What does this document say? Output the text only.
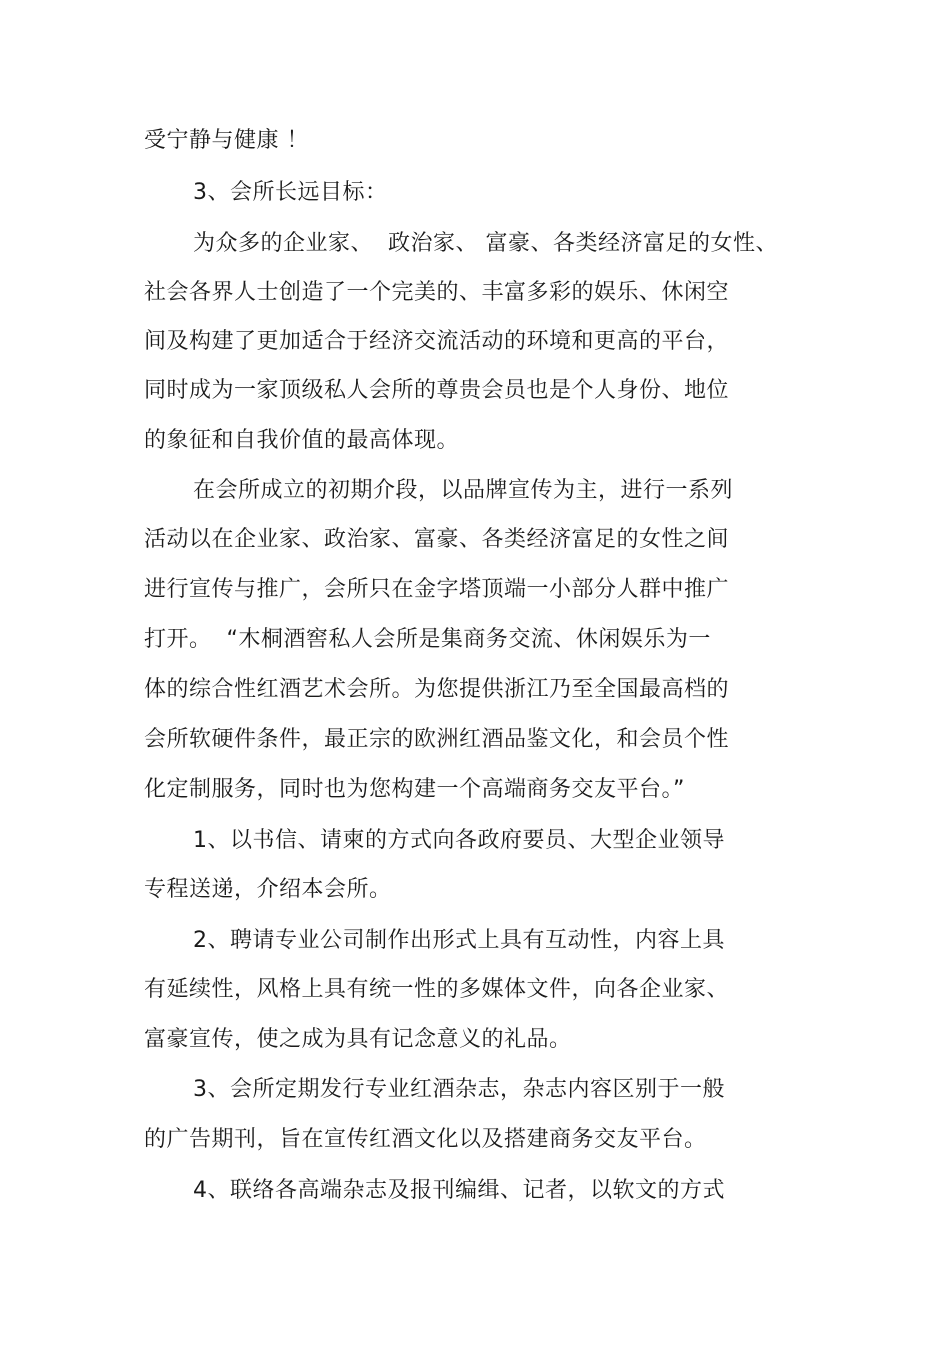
受宁静与健康 ！
3、会所长远目标：
为众多的企业家、  政治家、 富豪、各类经济富足的女性、
社会各界人士创造了一个完美的、丰富多彩的娱乐、休闲空
间及构建了更加适合于经济交流活动的环境和更高的平台，
同时成为一家顶级私人会所的尊贵会员也是个人身份、地位
的象征和自我价值的最高体现。
在会所成立的初期介段，以品牌宣传为主，进行一系列
活动以在企业家、政治家、富豪、各类经济富足的女性之间
进行宣传与推广，会所只在金字塔顶端一小部分人群中推广
打开。  “木桐酒窖私人会所是集商务交流、休闲娱乐为一
体的综合性红酒艺术会所。为您提供浙江乃至全国最高档的
会所软硬件条件，最正宗的欧洲红酒品鉴文化，和会员个性
化定制服务，同时也为您构建一个高端商务交友平台。”
1、以书信、请柬的方式向各政府要员、大型企业领导
专程送递，介绍本会所。
2、聘请专业公司制作出形式上具有互动性，内容上具
有延续性，风格上具有统一性的多媒体文件，向各企业家、
富豪宣传，使之成为具有记念意义的礼品。
3、会所定期发行专业红酒杂志，杂志内容区别于一般
的广告期刊，旨在宣传红酒文化以及搭建商务交友平台。
4、联络各高端杂志及报刊编缉、记者，以软文的方式
